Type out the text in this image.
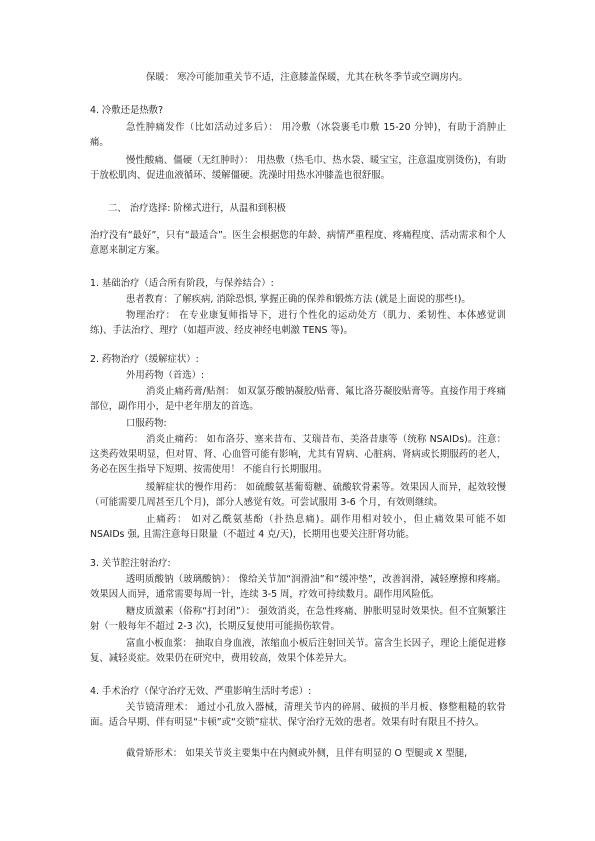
保暖： 寒冷可能加重关节不适，注意膝盖保暖，尤其在秋冬季节或空调房内。

4. 冷敷还是热敷?

急性肿痛发作（比如活动过多后）： 用冷敷（冰袋裹毛巾敷 15-20 分钟)，有助于消肿止痛。

慢性酸痛、僵硬（无红肿时）： 用热敷（热毛巾、热水袋、暖宝宝，注意温度别烫伤)，有助于放松肌肉、促进血液循环、缓解僵硬。洗澡时用热水冲膝盖也很舒服。

二、 治疗选择: 阶梯式进行，从温和到积极

治疗没有“最好”，只有“最适合”。医生会根据您的年龄、病情严重程度、疼痛程度、活动需求和个人意愿来制定方案。

1. 基础治疗（适合所有阶段，与保养结合）:

患者教育：了解疾病, 消除恐惧, 掌握正确的保养和锻炼方法 (就是上面说的那些!)。

物理治疗： 在专业康复师指导下，进行个性化的运动处方（肌力、柔韧性、本体感觉训练)、手法治疗、理疗（如超声波、经皮神经电刺激 TENS 等)。

2. 药物治疗（缓解症状）:

外用药物（首选）:

消炎止痛药膏/贴剂： 如双氯芬酸钠凝胶/贴膏、氟比洛芬凝胶贴膏等。直接作用于疼痛部位，副作用小，是中老年朋友的首选。

口服药物:

消炎止痛药： 如布洛芬、塞来昔布、艾瑞昔布、美洛昔康等（统称 NSAIDs)。注意： 这类药效果明显，但对胃、肾、心血管可能有影响，尤其有胃病、心脏病、肾病或长期服药的老人，务必在医生指导下短期、按需使用！ 不能自行长期服用。

缓解症状的慢作用药： 如硫酸氨基葡萄糖、硫酸软骨素等。效果因人而异，起效较慢（可能需要几周甚至几个月)，部分人感觉有效。可尝试服用 3-6 个月，有效则继续。

止痛药： 如对乙酰氨基酚（扑热息痛)。副作用相对较小，但止痛效果可能不如 NSAIDs 强, 且需注意每日限量（不超过 4 克/天)，长期用也要关注肝肾功能。

3. 关节腔注射治疗:

透明质酸钠（玻璃酸钠）： 像给关节加“润滑油”和“缓冲垫”，改善润滑，减轻摩擦和疼痛。效果因人而异，通常需要每周一针，连续 3-5 周，疗效可持续数月。副作用风险低。

糖皮质激素（俗称“打封闭”）： 强效消炎，在急性疼痛、肿胀明显时效果快。但不宜频繁注射（一般每年不超过 2-3 次)，长期反复使用可能损伤软骨。

富血小板血浆： 抽取自身血液，浓缩血小板后注射回关节。富含生长因子，理论上能促进修复、减轻炎症。效果仍在研究中，费用较高，效果个体差异大。

4. 手术治疗（保守治疗无效、严重影响生活时考虑）:

关节镜清理术： 通过小孔放入器械，清理关节内的碎屑、破损的半月板、修整粗糙的软骨面。适合早期、伴有明显“卡顿”或“交锁”症状、保守治疗无效的患者。效果有时有限且不持久。

截骨矫形术： 如果关节炎主要集中在内侧或外侧，且伴有明显的 O 型腿或 X 型腿,
